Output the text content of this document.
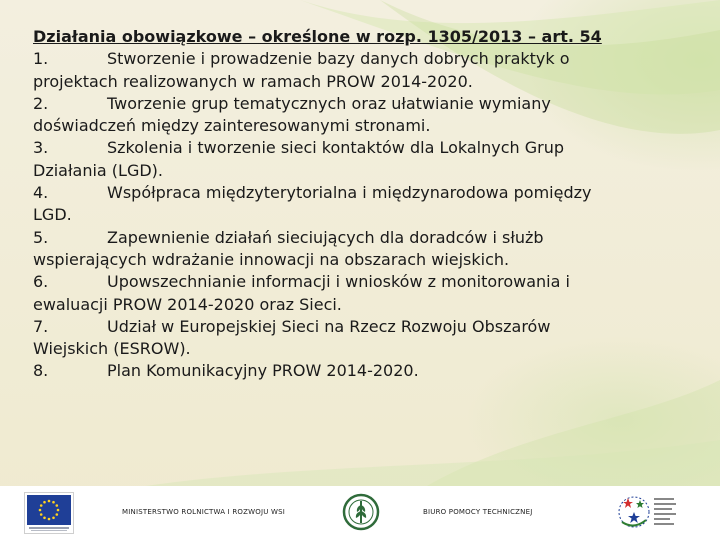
Działania obowiązkowe – określone w rozp. 1305/2013 – art. 54
1.	Stworzenie i prowadzenie bazy danych dobrych praktyk o
projektach realizowanych w ramach PROW 2014-2020.
2.	Tworzenie grup tematycznych oraz ułatwianie wymiany
doświadczeń między zainteresowanymi stronami.
3.	Szkolenia i tworzenie sieci kontaktów dla Lokalnych Grup
Działania (LGD).
4.	Współpraca międzyterytorialna i międzynarodowa pomiędzy
LGD.
5.	Zapewnienie działań sieciujących dla doradców i służb
wspierających wdrażanie innowacji na obszarach wiejskich.
6.	Upowszechnianie informacji i wniosków z monitorowania i
ewaluacji PROW 2014-2020 oraz Sieci.
7.	Udział w Europejskiej Sieci na Rzecz Rozwoju Obszarów
Wiejskich (ESROW).
8.	Plan Komunikacyjny PROW 2014-2020.
MINISTERSTWO ROLNICTWA I ROZWOJU WSI	BIURO POMOCY TECHNICZNEJ
